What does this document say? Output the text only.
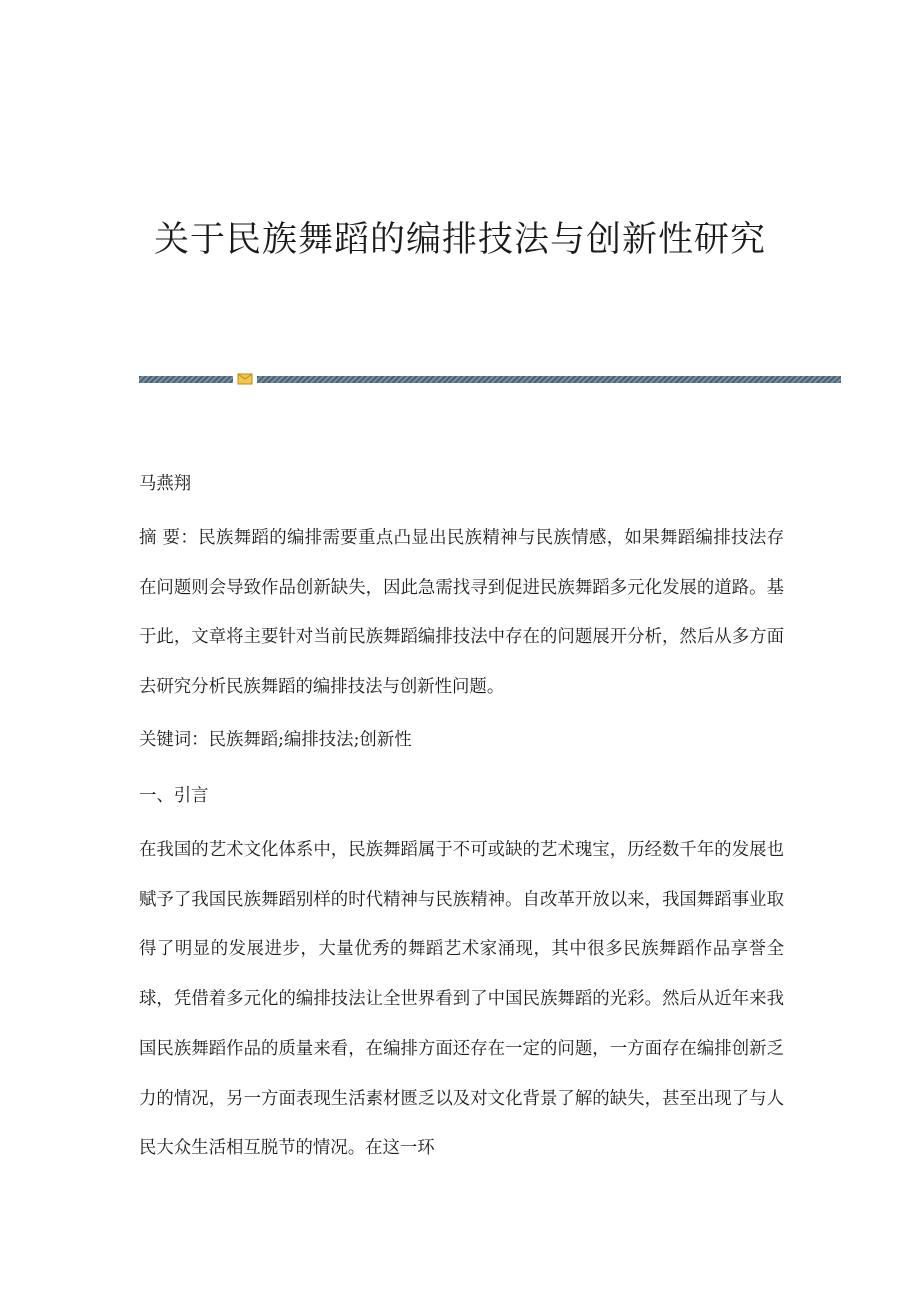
关于民族舞蹈的编排技法与创新性研究

马燕翔

摘 要：民族舞蹈的编排需要重点凸显出民族精神与民族情感，如果舞蹈编排技法存在问题则会导致作品创新缺失，因此急需找寻到促进民族舞蹈多元化发展的道路。基于此，文章将主要针对当前民族舞蹈编排技法中存在的问题展开分析，然后从多方面去研究分析民族舞蹈的编排技法与创新性问题。

关键词：民族舞蹈;编排技法;创新性

一、引言

在我国的艺术文化体系中，民族舞蹈属于不可或缺的艺术瑰宝，历经数千年的发展也赋予了我国民族舞蹈别样的时代精神与民族精神。自改革开放以来，我国舞蹈事业取得了明显的发展进步，大量优秀的舞蹈艺术家涌现，其中很多民族舞蹈作品享誉全球，凭借着多元化的编排技法让全世界看到了中国民族舞蹈的光彩。然后从近年来我国民族舞蹈作品的质量来看，在编排方面还存在一定的问题，一方面存在编排创新乏力的情况，另一方面表现生活素材匮乏以及对文化背景了解的缺失，甚至出现了与人民大众生活相互脱节的情况。在这一环
